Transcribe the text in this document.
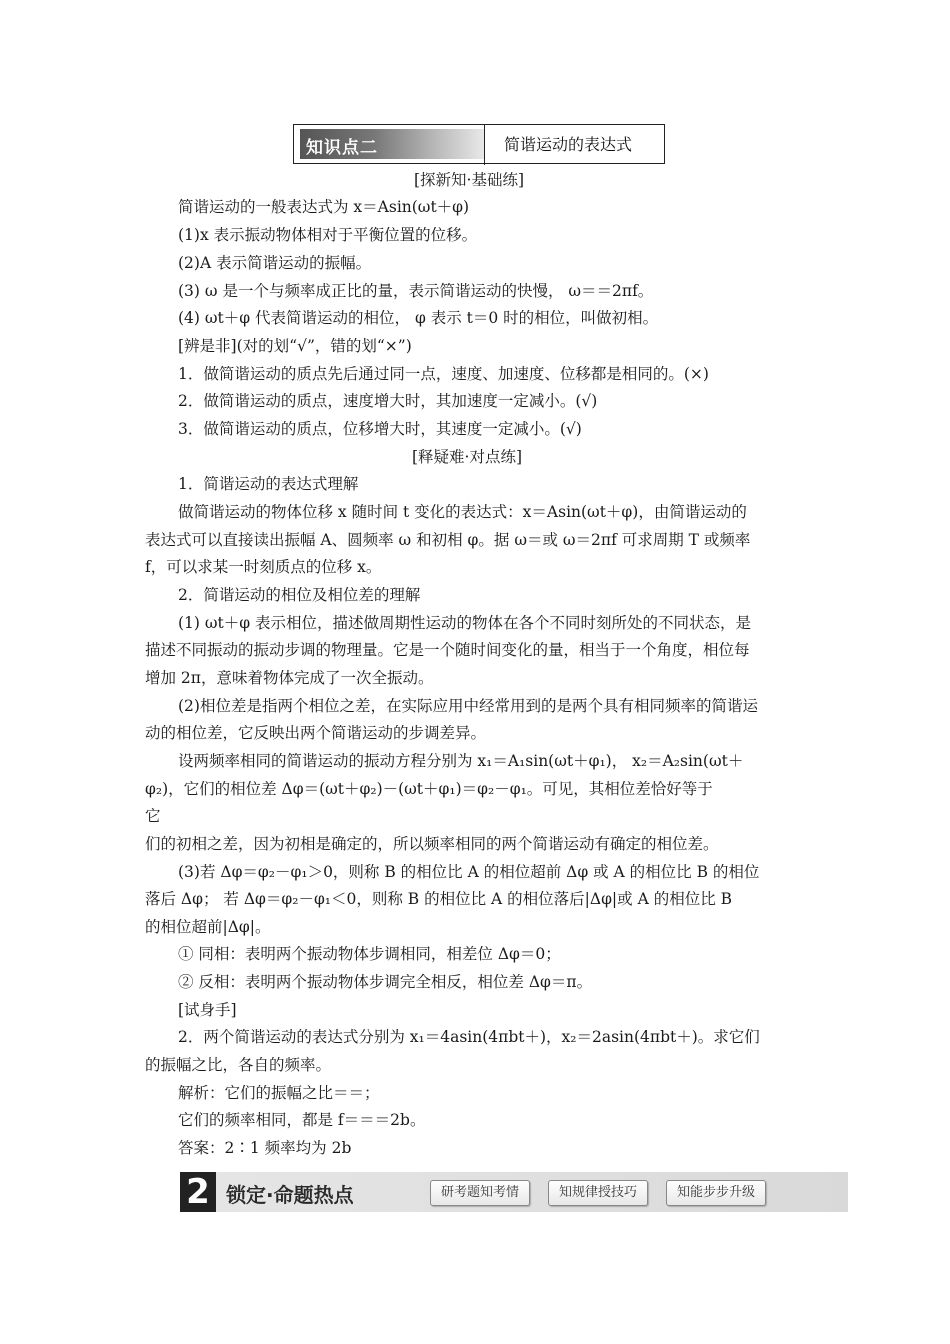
知识点二	简谐运动的表达式
[探新知·基础练]
简谐运动的一般表达式为 x＝Asin(ωt＋φ)
(1)x 表示振动物体相对于平衡位置的位移。
(2)A 表示简谐运动的振幅。
(3) ω 是一个与频率成正比的量，表示简谐运动的快慢， ω＝＝2πf。
(4) ωt＋φ 代表简谐运动的相位， φ 表示 t＝0 时的相位，叫做初相。
[辨是非](对的划“√”，错的划“×”)
1．做简谐运动的质点先后通过同一点，速度、加速度、位移都是相同的。(×)
2．做简谐运动的质点，速度增大时，其加速度一定减小。(√)
3．做简谐运动的质点，位移增大时，其速度一定减小。(√)
[释疑难·对点练]
1．简谐运动的表达式理解
做简谐运动的物体位移 x 随时间 t 变化的表达式：x＝Asin(ωt＋φ)，由简谐运动的
表达式可以直接读出振幅 A、圆频率 ω 和初相 φ。据 ω＝或 ω＝2πf 可求周期 T 或频率
f，可以求某一时刻质点的位移 x。
2．简谐运动的相位及相位差的理解
(1) ωt＋φ 表示相位，描述做周期性运动的物体在各个不同时刻所处的不同状态，是
描述不同振动的振动步调的物理量。它是一个随时间变化的量，相当于一个角度，相位每
增加 2π，意味着物体完成了一次全振动。
(2)相位差是指两个相位之差，在实际应用中经常用到的是两个具有相同频率的简谐运
动的相位差，它反映出两个简谐运动的步调差异。
设两频率相同的简谐运动的振动方程分别为 x₁＝A₁sin(ωt＋φ₁)， x₂＝A₂sin(ωt＋
φ₂)，它们的相位差 Δφ＝(ωt＋φ₂)－(ωt＋φ₁)＝φ₂－φ₁。可见，其相位差恰好等于
它
们的初相之差，因为初相是确定的，所以频率相同的两个简谐运动有确定的相位差。
(3)若 Δφ＝φ₂－φ₁＞0，则称 B 的相位比 A 的相位超前 Δφ 或 A 的相位比 B 的相位
落后 Δφ； 若 Δφ＝φ₂－φ₁＜0，则称 B 的相位比 A 的相位落后|Δφ|或 A 的相位比 B
的相位超前|Δφ|。
① 同相：表明两个振动物体步调相同，相差位 Δφ＝0；
② 反相：表明两个振动物体步调完全相反，相位差 Δφ＝π。
[试身手]
2．两个简谐运动的表达式分别为 x₁＝4asin(4πbt＋)，x₂＝2asin(4πbt＋)。求它们
的振幅之比，各自的频率。
解析：它们的振幅之比＝＝；
它们的频率相同，都是 f＝＝＝2b。
答案：2∶1 频率均为 2b
2 锁定·命题热点	研考题知考情	知规律授技巧	知能步步升级
